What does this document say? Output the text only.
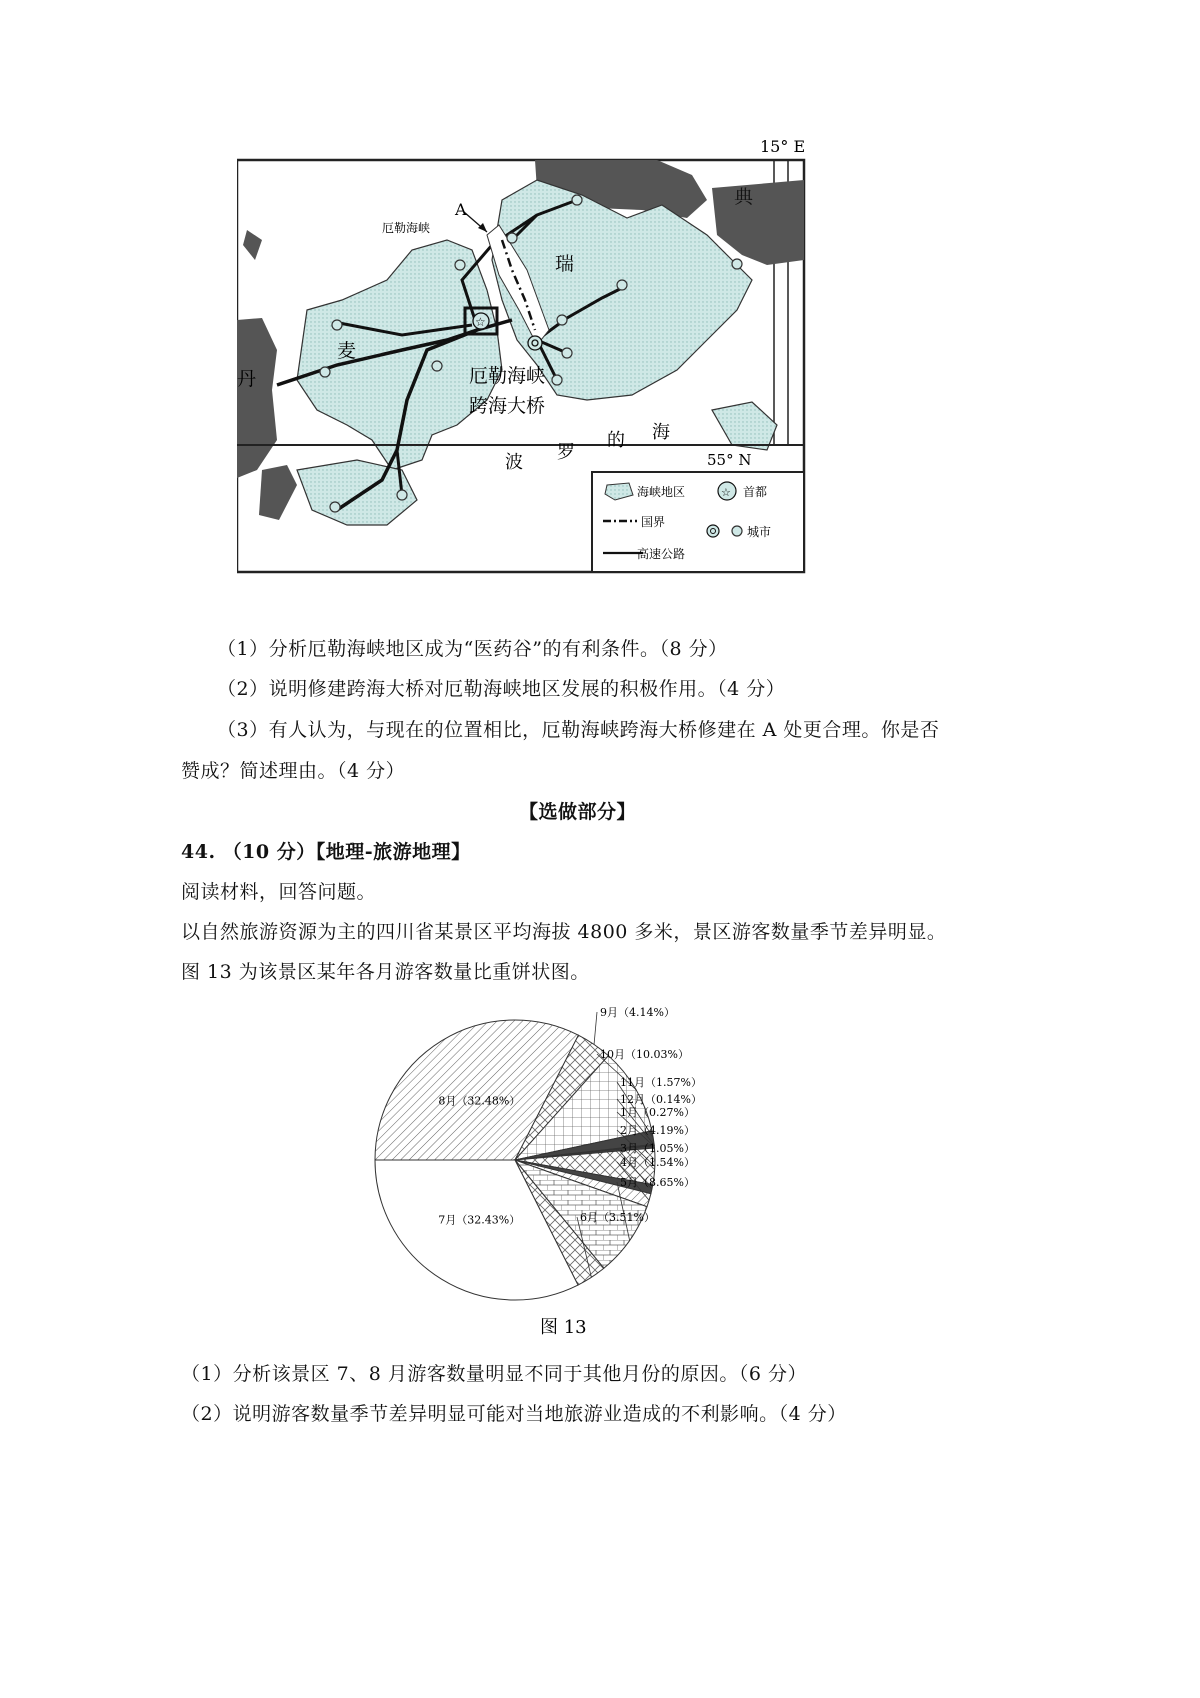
☆
15° E
A
厄勒海峡
瑞
典
麦
丹	厄勒海峡
跨海大桥
波 罗
的 海
55° N
海峡地区	☆ 首都
国界
城市
高速公路
（1）分析厄勒海峡地区成为“医药谷”的有利条件。（8 分）
（2）说明修建跨海大桥对厄勒海峡地区发展的积极作用。（4 分）
（3）有人认为，与现在的位置相比，厄勒海峡跨海大桥修建在 A 处更合理。你是否
赞成？简述理由。（4 分）
【选做部分】
44. （10 分）【地理-旅游地理】
阅读材料，回答问题。
以自然旅游资源为主的四川省某景区平均海拔 4800 多米，景区游客数量季节差异明显。
图 13 为该景区某年各月游客数量比重饼状图。
8月（32.48%）
9月（4.14%）
10月（10.03%）
11月（1.57%）
12月（0.14%）
1月（0.27%）
2月（4.19%）
3月（1.05%）
4月（1.54%）
5月（8.65%）
6月（3.51%）
7月（32.43%）
图 13
（1）分析该景区 7、8 月游客数量明显不同于其他月份的原因。（6 分）
（2）说明游客数量季节差异明显可能对当地旅游业造成的不利影响。（4 分）
